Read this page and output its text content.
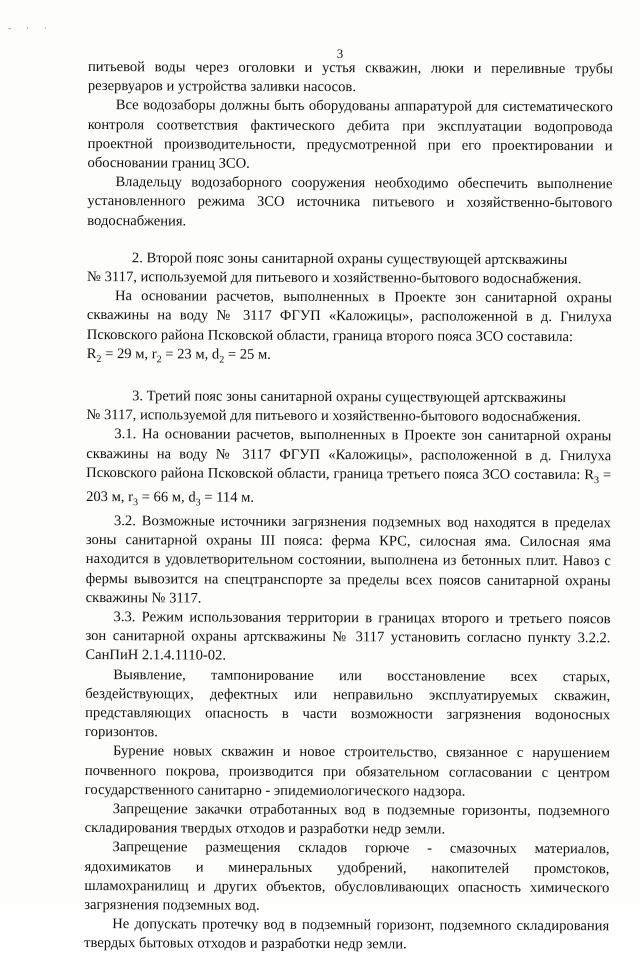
- · ·
3

питьевой воды через оголовки и устья скважин, люки и переливные трубы резервуаров и устройства заливки насосов.

Все водозаборы должны быть оборудованы аппаратурой для систематического контроля соответствия фактического дебита при эксплуатации водопровода проектной производительности, предусмотренной при его проектировании и обосновании границ ЗСО.

Владельцу водозаборного сооружения необходимо обеспечить выполнение установленного режима ЗСО источника питьевого и хозяйственно-бытового водоснабжения.

2. Второй пояс зоны санитарной охраны существующей артскважины
№ 3117, используемой для питьевого и хозяйственно-бытового водоснабжения.

На основании расчетов, выполненных в Проекте зон санитарной охраны скважины на воду № 3117 ФГУП «Каложицы», расположенной в д. Гнилуха Псковского района Псковской области, граница второго пояса ЗСО составила:
$R_2 = 29$ м, $r_2 = 23$ м, $d_2 = 25$ м.

3. Третий пояс зоны санитарной охраны существующей артскважины
№ 3117, используемой для питьевого и хозяйственно-бытового водоснабжения.

3.1. На основании расчетов, выполненных в Проекте зон санитарной охраны скважины на воду № 3117 ФГУП «Каложицы», расположенной в д. Гнилуха Псковского района Псковской области, граница третьего пояса ЗСО составила: $R_3 = 203$ м, $r_3 = 66$ м, $d_3 = 114$ м.

3.2. Возможные источники загрязнения подземных вод находятся в пределах зоны санитарной охраны III пояса: ферма КРС, силосная яма. Силосная яма находится в удовлетворительном состоянии, выполнена из бетонных плит. Навоз с фермы вывозится на спецтранспорте за пределы всех поясов санитарной охраны скважины № 3117.

3.3. Режим использования территории в границах второго и третьего поясов зон санитарной охраны артскважины № 3117 установить согласно пункту 3.2.2. СанПиН 2.1.4.1110-02.

Выявление, тампонирование или восстановление всех старых, бездействующих, дефектных или неправильно эксплуатируемых скважин, представляющих опасность в части возможности загрязнения водоносных горизонтов.

Бурение новых скважин и новое строительство, связанное с нарушением почвенного покрова, производится при обязательном согласовании с центром государственного санитарно - эпидемиологического надзора.

Запрещение закачки отработанных вод в подземные горизонты, подземного складирования твердых отходов и разработки недр земли.

Запрещение размещения складов горюче - смазочных материалов, ядохимикатов и минеральных удобрений, накопителей промстоков, шламохранилищ и других объектов, обусловливающих опасность химического загрязнения подземных вод.

Не допускать протечку вод в подземный горизонт, подземного складирования твердых бытовых отходов и разработки недр земли.
